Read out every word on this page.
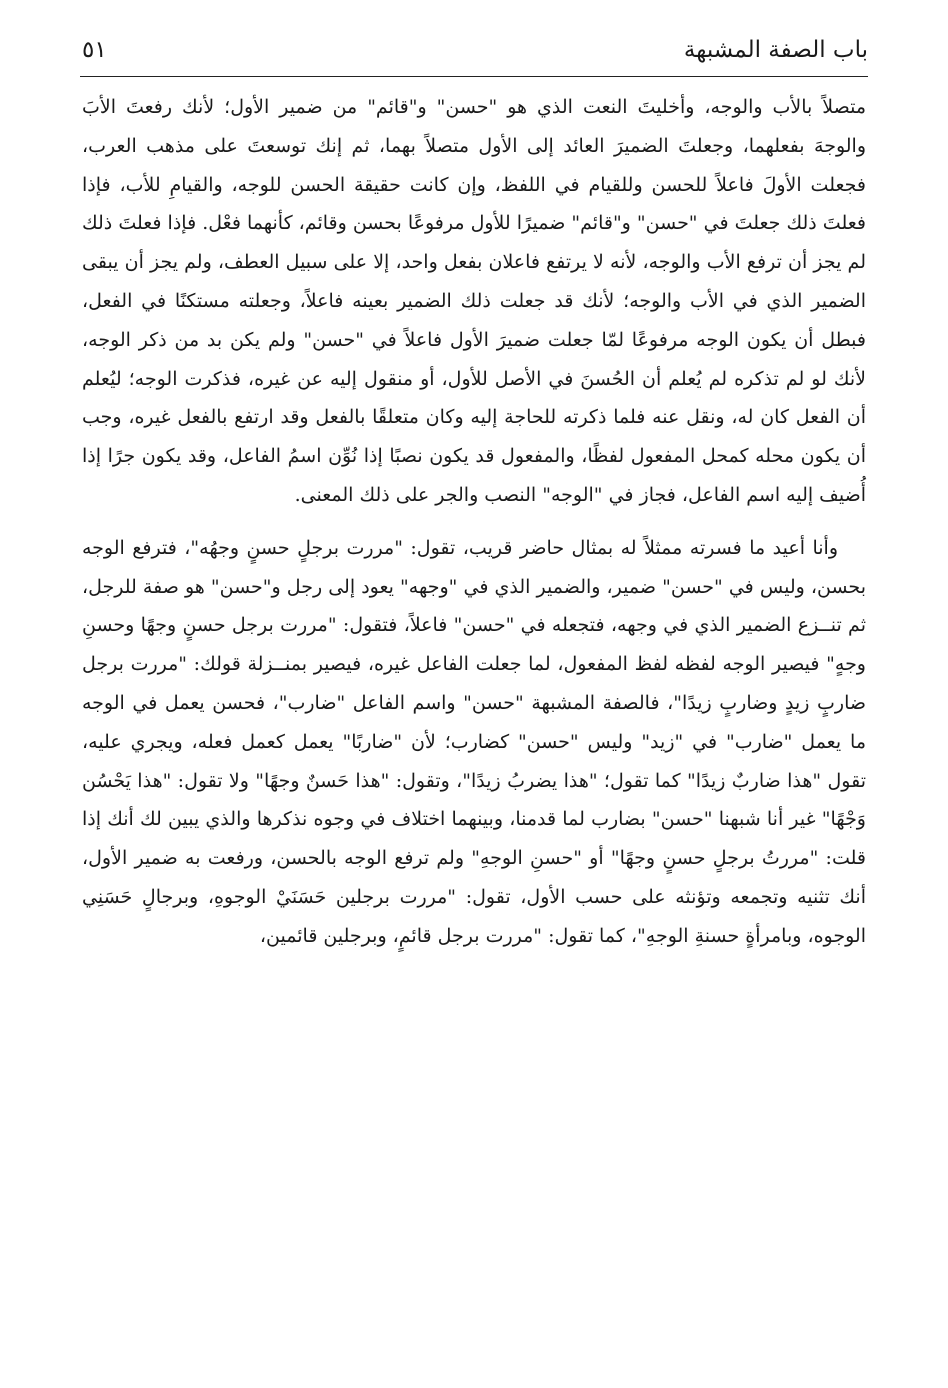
باب الصفة المشبهة
٥١

متصلاً بالأب والوجه، وأخليتَ النعت الذي هو "حسن" و"قائم" من ضمير الأول؛ لأنك رفعتَ الأبَ والوجهَ بفعلهما، وجعلتَ الضميرَ العائد إلى الأول متصلاً بهما، ثم إنك توسعتَ على مذهب العرب، فجعلت الأولَ فاعلاً للحسن وللقيام في اللفظ، وإن كانت حقيقة الحسن للوجه، والقيامِ للأب، فإذا فعلتَ ذلك جعلتَ في "حسن" و"قائم" ضميرًا للأول مرفوعًا بحسن وقائم، كأنهما فعْل. فإذا فعلتَ ذلك لم يجز أن ترفع الأب والوجه، لأنه لا يرتفع فاعلان بفعل واحد، إلا على سبيل العطف، ولم يجز أن يبقى الضمير الذي في الأب والوجه؛ لأنك قد جعلت ذلك الضمير بعينه فاعلاً، وجعلته مستكنًا في الفعل، فبطل أن يكون الوجه مرفوعًا لمّا جعلت ضميرَ الأول فاعلاً في "حسن" ولم يكن بد من ذكر الوجه، لأنك لو لم تذكره لم يُعلم أن الحُسنَ في الأصل للأول، أو منقول إليه عن غيره، فذكرت الوجه؛ ليُعلم أن الفعل كان له، ونقل عنه فلما ذكرته للحاجة إليه وكان متعلقًا بالفعل وقد ارتفع بالفعل غيره، وجب أن يكون محله كمحل المفعول لفظًا، والمفعول قد يكون نصبًا إذا نُوِّن اسمُ الفاعل، وقد يكون جرًا إذا أُضيف إليه اسم الفاعل، فجاز في "الوجه" النصب والجر على ذلك المعنى.

وأنا أعيد ما فسرته ممثلاً له بمثال حاضر قريب، تقول: "مررت برجلٍ حسنٍ وجهُه"، فترفع الوجه بحسن، وليس في "حسن" ضمير، والضمير الذي في "وجهه" يعود إلى رجل و"حسن" هو صفة للرجل، ثم تنــزع الضمير الذي في وجهه، فتجعله في "حسن" فاعلاً، فتقول: "مررت برجل حسنٍ وجهًا وحسنِ وجهٍ" فيصير الوجه لفظه لفظ المفعول، لما جعلت الفاعل غيره، فيصير بمنــزلة قولك: "مررت برجل ضاربٍ زيدٍ وضاربٍ زيدًا"، فالصفة المشبهة "حسن" واسم الفاعل "ضارب"، فحسن يعمل في الوجه ما يعمل "ضارب" في "زيد" وليس "حسن" كضارب؛ لأن "ضاربًا" يعمل كعمل فعله، ويجري عليه، تقول "هذا ضاربٌ زيدًا" كما تقول؛ "هذا يضربُ زيدًا"، وتقول: "هذا حَسنٌ وجهًا" ولا تقول: "هذا يَحْسُن وَجْهًا" غير أنا شبهنا "حسن" بضارب لما قدمنا، وبينهما اختلاف في وجوه نذكرها والذي يبين لك أنك إذا قلت: "مررتُ برجلٍ حسنٍ وجهًا" أو "حسنِ الوجهِ" ولم ترفع الوجه بالحسن، ورفعت به ضمير الأول، أنك تثنيه وتجمعه وتؤنثه على حسب الأول، تقول: "مررت برجلين حَسَنَيْ الوجوهِ، وبرجالٍ حَسَنِي الوجوه، وبامرأةٍ حسنةِ الوجهِ"، كما تقول: "مررت برجل قائمٍ، وبرجلين قائمين،
